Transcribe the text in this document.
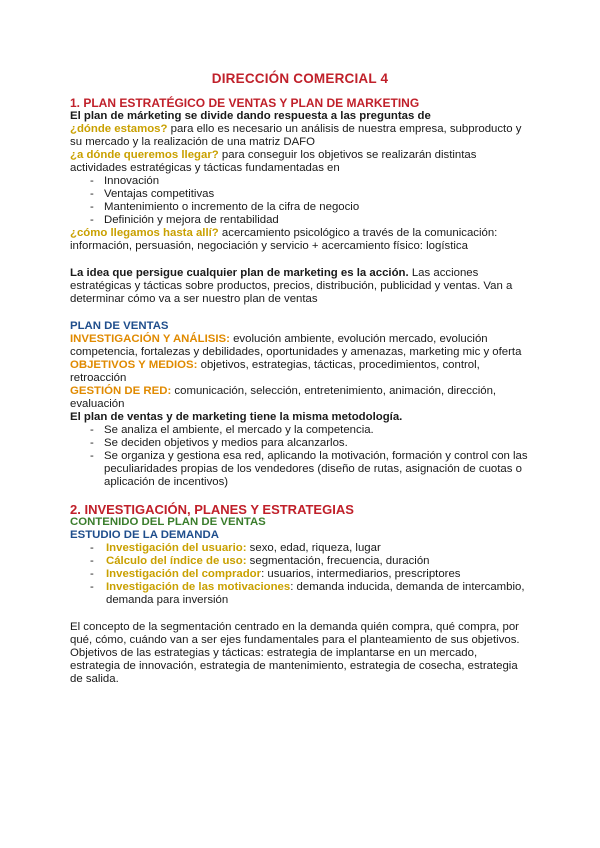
DIRECCIÓN COMERCIAL 4
1. PLAN ESTRATÉGICO DE VENTAS Y PLAN DE MARKETING

El plan de márketing se divide dando respuesta a las preguntas de

¿dónde estamos? para ello es necesario un análisis de nuestra empresa, subproducto y su mercado y la realización de una matriz DAFO

¿a dónde queremos llegar? para conseguir los objetivos se realizarán distintas actividades estratégicas y tácticas fundamentadas en

- Innovación
- Ventajas competitivas
- Mantenimiento o incremento de la cifra de negocio
- Definición y mejora de rentabilidad

¿cómo llegamos hasta allí? acercamiento psicológico a través de la comunicación: información, persuasión, negociación y servicio + acercamiento físico: logística

La idea que persigue cualquier plan de marketing es la acción. Las acciones estratégicas y tácticas sobre productos, precios, distribución, publicidad y ventas. Van a determinar cómo va a ser nuestro plan de ventas

PLAN DE VENTAS

INVESTIGACIÓN Y ANÁLISIS: evolución ambiente, evolución mercado, evolución competencia, fortalezas y debilidades, oportunidades y amenazas, marketing mic y oferta

OBJETIVOS Y MEDIOS: objetivos, estrategias, tácticas, procedimientos, control, retroacción

GESTIÓN DE RED: comunicación, selección, entretenimiento, animación, dirección, evaluación

El plan de ventas y de marketing tiene la misma metodología.

- Se analiza el ambiente, el mercado y la competencia.
- Se deciden objetivos y medios para alcanzarlos.
- Se organiza y gestiona esa red, aplicando la motivación, formación y control con las peculiaridades propias de los vendedores (diseño de rutas, asignación de cuotas o aplicación de incentivos)
2. INVESTIGACIÓN, PLANES Y ESTRATEGIAS
CONTENIDO DEL PLAN DE VENTAS
ESTUDIO DE LA DEMANDA
- Investigación del usuario: sexo, edad, riqueza, lugar
- Cálculo del índice de uso: segmentación, frecuencia, duración
- Investigación del comprador: usuarios, intermediarios, prescriptores
- Investigación de las motivaciones: demanda inducida, demanda de intercambio, demanda para inversión

El concepto de la segmentación centrado en la demanda quién compra, qué compra, por qué, cómo, cuándo van a ser ejes fundamentales para el planteamiento de sus objetivos.

Objetivos de las estrategias y tácticas: estrategia de implantarse en un mercado, estrategia de innovación, estrategia de mantenimiento, estrategia de cosecha, estrategia de salida.
